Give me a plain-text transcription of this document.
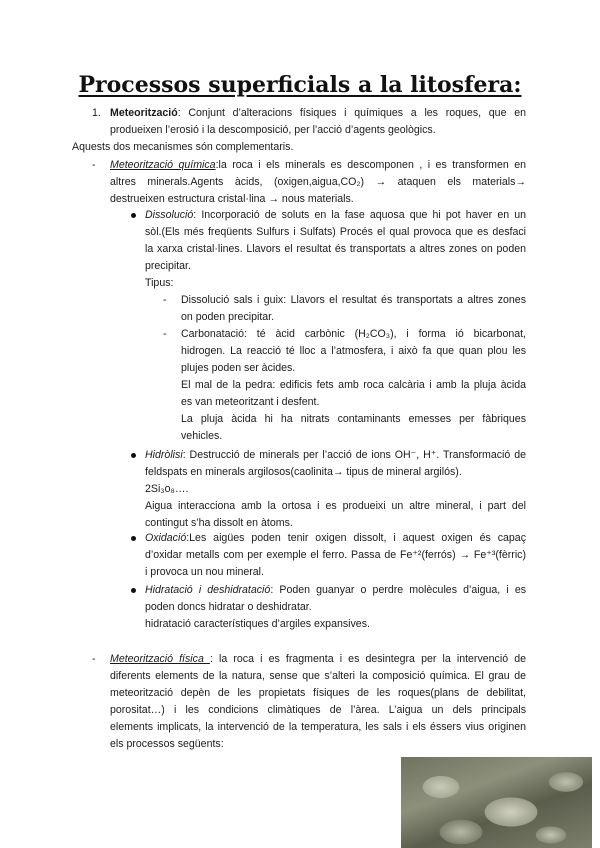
Processos superficials a la litosfera:
1. Meteorització: Conjunt d’alteracions físiques i químiques a les roques, que en
produeixen l’erosió i la descomposició, per l’acció d’agents geològics.
Aquests dos mecanismes són complementaris.
- Meteorització química:la roca i els minerals es descomponen , i es transformen en
altres minerals.Agents àcids, (oxigen,aigua,CO₂) → ataquen els materials→
destrueixen estructura cristal·lina → nous materials.
Dissolució: Incorporació de soluts en la fase aquosa que hi pot haver en un
sòl.(Els més freqüents Sulfurs i Sulfats) Procés el qual provoca que es desfaci
la xarxa cristal·lines. Llavors el resultat és transportats a altres zones on poden
precipitar.
Tipus:
- Dissolució sals i guix: Llavors el resultat és transportats a altres zones
on poden precipitar.
- Carbonatació: té àcid carbònic (H₂CO₃), i forma ió bicarbonat,
hidrogen. La reacció té lloc a l’atmosfera, i això fa que quan plou les
plujes poden ser àcides.
El mal de la pedra: edificis fets amb roca calcària i amb la pluja àcida
es van meteoritzant i desfent.
La pluja àcida hi ha nitrats contaminants emesses per fàbriques
vehicles.
Hidròlisi: Destrucció de minerals per l’acció de ions OH⁻, H⁺. Transformació de
feldspats en minerals argilosos(caolinita→ tipus de mineral argilós).
2Si₃o₈….
Aigua interacciona amb la ortosa i es produeixi un altre mineral, i part del
contingut s’ha dissolt en àtoms.
Oxidació:Les aigües poden tenir oxigen dissolt, i aquest oxigen és capaç
d’oxidar metalls com per exemple el ferro. Passa de Fe⁺²(ferrós) → Fe⁺³(fèrric)
i provoca un nou mineral.
Hidratació i deshidratació: Poden guanyar o perdre molècules d’aigua, i es
poden doncs hidratar o deshidratar.
hidratació característiques d’argiles expansives.
- Meteorització física : la roca i es fragmenta i es desintegra per la intervenció de
diferents elements de la natura, sense que s’alteri la composició química. El grau de
meteorització depèn de les propietats físiques de les roques(plans de debilitat,
porositat…) i les condicions climàtiques de l’àrea. L’aigua un dels principals
elements implicats, la intervenció de la temperatura, les sals i els éssers vius originen
els processos següents:
